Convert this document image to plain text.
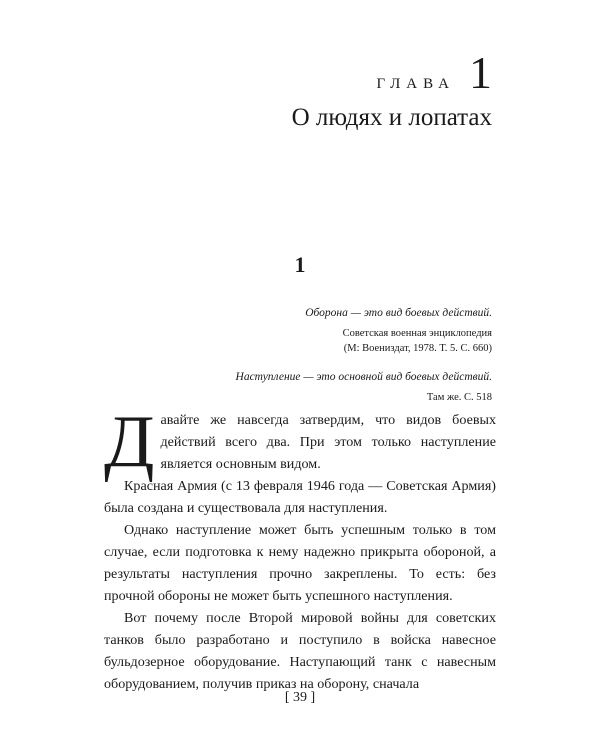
ГЛАВА 1
О людях и лопатах
1
Оборона — это вид боевых действий.
Советская военная энциклопедия
(М: Воениздат, 1978. Т. 5. С. 660)
Наступление — это основной вид боевых действий.
Там же. С. 518

Давайте же навсегда затвердим, что видов боевых действий всего два. При этом только наступление является основным видом.

Красная Армия (с 13 февраля 1946 года — Советская Армия) была создана и существовала для наступления.

Однако наступление может быть успешным только в том случае, если подготовка к нему надежно прикрыта обороной, а результаты наступления прочно закреплены. То есть: без прочной обороны не может быть успешного наступления.

Вот почему после Второй мировой войны для советских танков было разработано и поступило в войска навесное бульдозерное оборудование. Наступающий танк с навесным оборудованием, получив приказ на оборону, сначала

[ 39 ]
